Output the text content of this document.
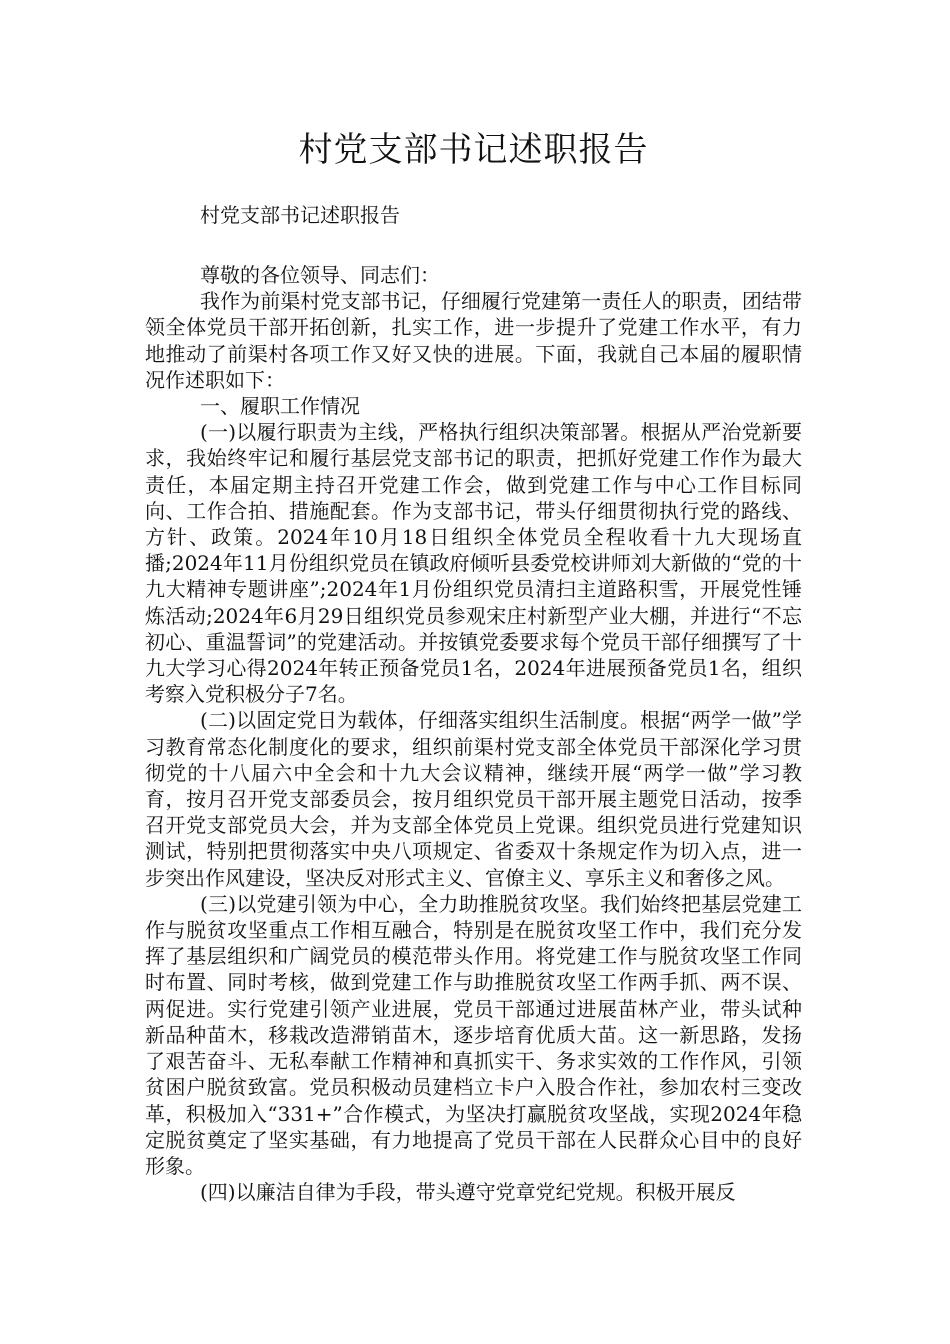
村党支部书记述职报告

村党支部书记述职报告

尊敬的各位领导、同志们：

我作为前渠村党支部书记，仔细履行党建第一责任人的职责，团结带领全体党员干部开拓创新，扎实工作，进一步提升了党建工作水平，有力地推动了前渠村各项工作又好又快的进展。下面，我就自己本届的履职情况作述职如下：

一、履职工作情况

(一)以履行职责为主线，严格执行组织决策部署。根据从严治党新要求，我始终牢记和履行基层党支部书记的职责，把抓好党建工作作为最大责任，本届定期主持召开党建工作会，做到党建工作与中心工作目标同向、工作合拍、措施配套。作为支部书记，带头仔细贯彻执行党的路线、方针、政策。2024年10月18日组织全体党员全程收看十九大现场直播;2024年11月份组织党员在镇政府倾听县委党校讲师刘大新做的“党的十九大精神专题讲座”;2024年1月份组织党员清扫主道路积雪，开展党性锤炼活动;2024年6月29日组织党员参观宋庄村新型产业大棚，并进行“不忘初心、重温誓词”的党建活动。并按镇党委要求每个党员干部仔细撰写了十九大学习心得2024年转正预备党员1名，2024年进展预备党员1名，组织考察入党积极分子7名。

(二)以固定党日为载体，仔细落实组织生活制度。根据“两学一做”学习教育常态化制度化的要求，组织前渠村党支部全体党员干部深化学习贯彻党的十八届六中全会和十九大会议精神，继续开展“两学一做”学习教育，按月召开党支部委员会，按月组织党员干部开展主题党日活动，按季召开党支部党员大会，并为支部全体党员上党课。组织党员进行党建知识测试，特别把贯彻落实中央八项规定、省委双十条规定作为切入点，进一步突出作风建设，坚决反对形式主义、官僚主义、享乐主义和奢侈之风。

(三)以党建引领为中心，全力助推脱贫攻坚。我们始终把基层党建工作与脱贫攻坚重点工作相互融合，特别是在脱贫攻坚工作中，我们充分发挥了基层组织和广阔党员的模范带头作用。将党建工作与脱贫攻坚工作同时布置、同时考核，做到党建工作与助推脱贫攻坚工作两手抓、两不误、两促进。实行党建引领产业进展，党员干部通过进展苗林产业，带头试种新品种苗木，移栽改造滞销苗木，逐步培育优质大苗。这一新思路，发扬了艰苦奋斗、无私奉献工作精神和真抓实干、务求实效的工作作风，引领贫困户脱贫致富。党员积极动员建档立卡户入股合作社，参加农村三变改革，积极加入“331+”合作模式，为坚决打赢脱贫攻坚战，实现2024年稳定脱贫奠定了坚实基础，有力地提高了党员干部在人民群众心目中的良好形象。

(四)以廉洁自律为手段，带头遵守党章党纪党规。积极开展反
